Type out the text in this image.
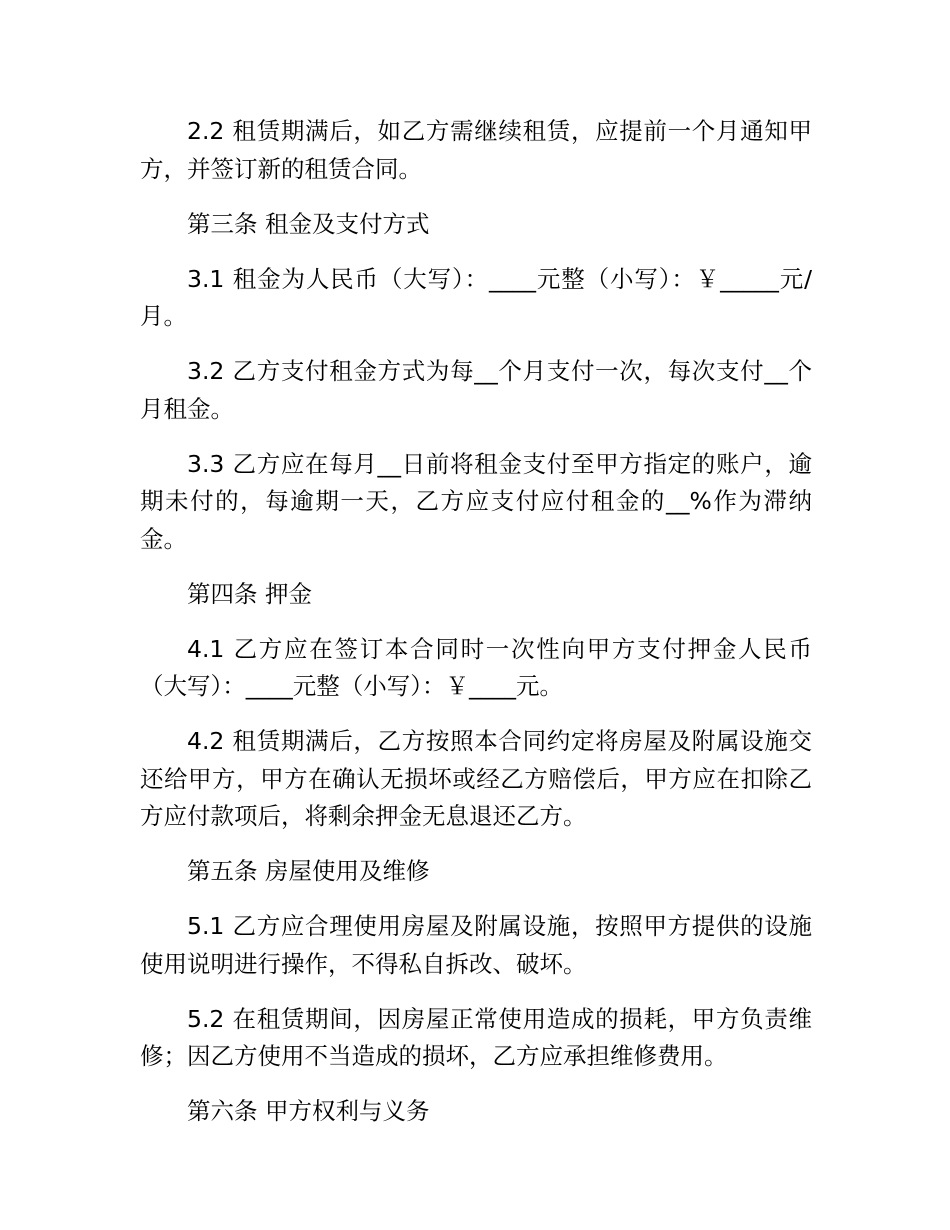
2.2 租赁期满后，如乙方需继续租赁，应提前一个月通知甲方，并签订新的租赁合同。

第三条 租金及支付方式

3.1 租金为人民币（大写）：____元整（小写）：￥_____元/月。

3.2 乙方支付租金方式为每__个月支付一次，每次支付__个月租金。

3.3 乙方应在每月__日前将租金支付至甲方指定的账户，逾期未付的，每逾期一天，乙方应支付应付租金的__%作为滞纳金。

第四条 押金

4.1 乙方应在签订本合同时一次性向甲方支付押金人民币（大写）：____元整（小写）：￥____元。

4.2 租赁期满后，乙方按照本合同约定将房屋及附属设施交还给甲方，甲方在确认无损坏或经乙方赔偿后，甲方应在扣除乙方应付款项后，将剩余押金无息退还乙方。

第五条 房屋使用及维修

5.1 乙方应合理使用房屋及附属设施，按照甲方提供的设施使用说明进行操作，不得私自拆改、破坏。

5.2 在租赁期间，因房屋正常使用造成的损耗，甲方负责维修；因乙方使用不当造成的损坏，乙方应承担维修费用。

第六条 甲方权利与义务
